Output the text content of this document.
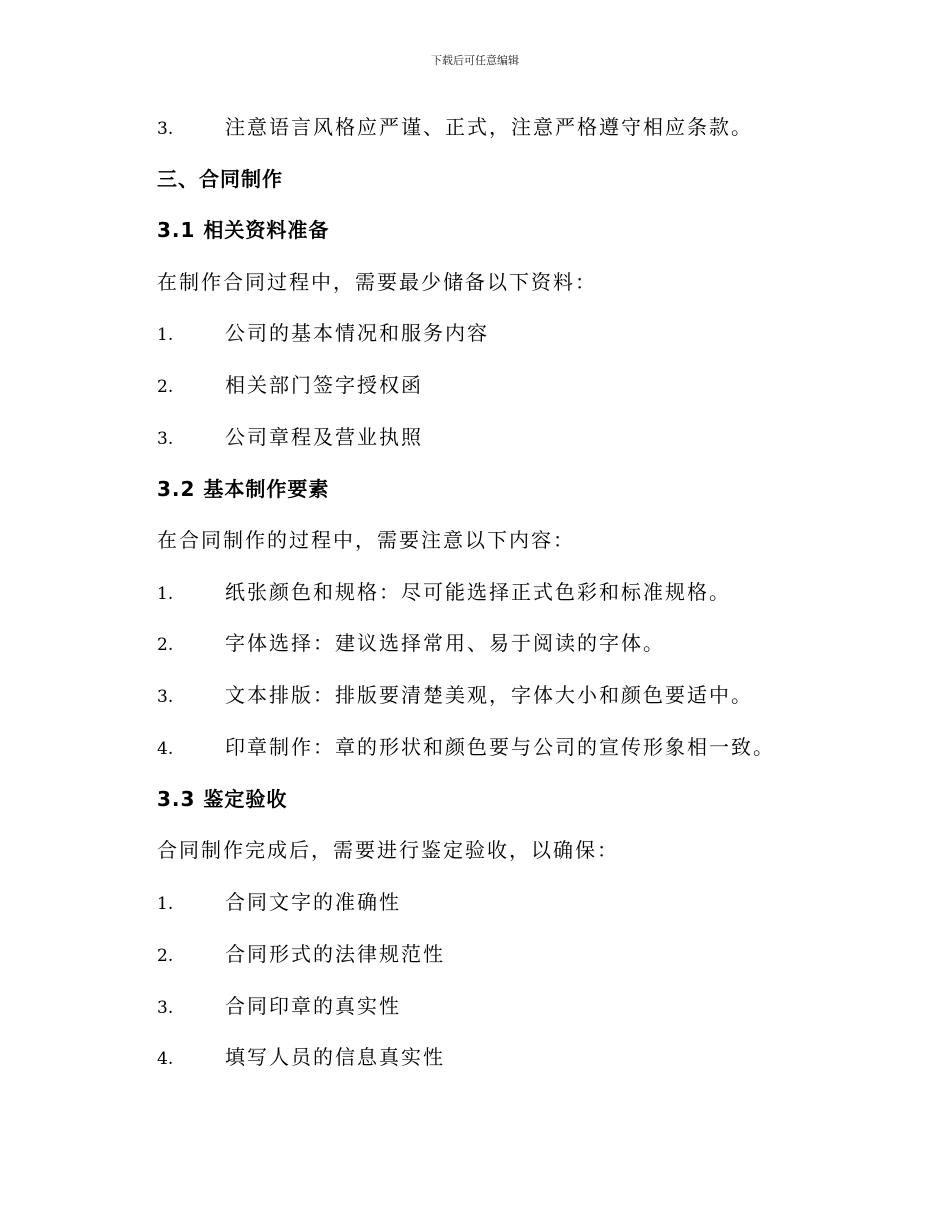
下载后可任意编辑
3.	注意语言风格应严谨、正式，注意严格遵守相应条款。
三、合同制作
3.1 相关资料准备
在制作合同过程中，需要最少储备以下资料：
1.	公司的基本情况和服务内容
2.	相关部门签字授权函
3.	公司章程及营业执照
3.2 基本制作要素
在合同制作的过程中，需要注意以下内容：
1.	纸张颜色和规格：尽可能选择正式色彩和标准规格。
2.	字体选择：建议选择常用、易于阅读的字体。
3.	文本排版：排版要清楚美观，字体大小和颜色要适中。
4.	印章制作：章的形状和颜色要与公司的宣传形象相一致。
3.3 鉴定验收
合同制作完成后，需要进行鉴定验收，以确保：
1.	合同文字的准确性
2.	合同形式的法律规范性
3.	合同印章的真实性
4.	填写人员的信息真实性
